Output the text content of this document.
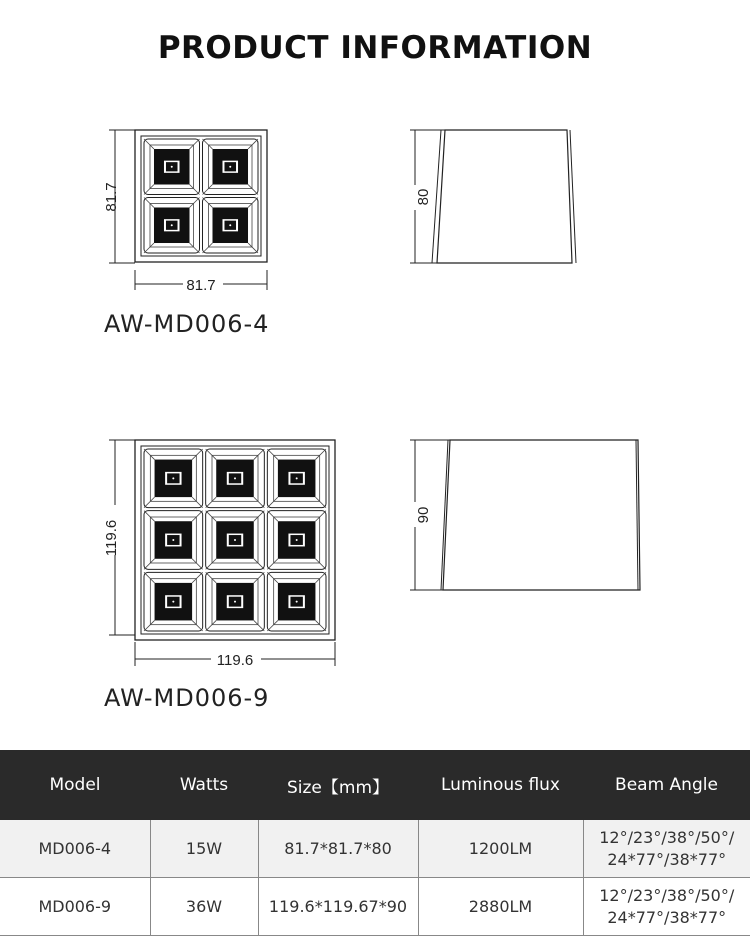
PRODUCT INFORMATION
81.7
81.7
80
AW-MD006-4
119.6
119.6
90
AW-MD006-9
Model	Watts	Size【mm】	Luminous flux	Beam Angle
MD006-4	15W	81.7*81.7*80	1200LM	12°/23°/38°/50°/
24*77°/38*77°
MD006-9	36W	119.6*119.67*90	2880LM	12°/23°/38°/50°/
24*77°/38*77°
